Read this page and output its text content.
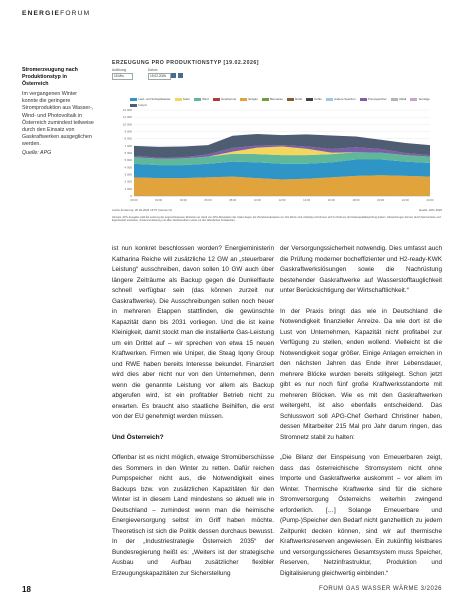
ENERGIEFORUM
Stromerzeugung nach Produktionstyp in Österreich
Im vergangenen Winter konnte die geringere Stromproduktion aus Wasser-, Wind- und Photovoltaik in Österreich zumindest teilweise durch den Einsatz von Gaskraftwerken ausgeglichen werden.
Quelle: APG
ERZEUGUNG PRO PRODUKTIONSTYP [19.02.2026]
Auflösung
15 Min.
Datum
19.02.2026
Lauf- und Schwellwasser	Solar	Wind	Geothermie	Erdgas	Biomasse	Erdöl	Kohle	Andere Speicher	Pumpspeicher	Abfall	SonstigeImport
0
1 000
2 000
3 000
4 000
5 000
6 000
7 000
8 000
9 000
10 000
11 000
12 000
00:00	02:00	04:00	06:00	08:00	10:00	12:00	14:00	16:00	18:00	20:00	22:00	24:00
Letzte Änderung: 20.02.2026 14:57 (Version 6)	Quelle: APG 2026
Hinweis: APG-Ausgabe stellt die Leistung der angeschlossenen Einheiten an Hand von APG-Messdaten dar. Daten liegen als Viertelstundenwerte vor. Die Werte sind vorläufig und können sich im Rahmen der Datenqualitätsprüfung ändern. Abweichungen können durch Netzverluste und Eigenbedarf entstehen. Zusammenfassung mit allen Netzbetreibern sowie mit den öffentlichen Kraftwerken.

ist nun konkret beschlossen worden? Energieministerin Katharina Reiche will zusätzliche 12 GW an „steuerbarer Leistung“ ausschreiben, davon sollen 10 GW auch über längere Zeiträume als Backup gegen die Dunkelflaute schnell verfügbar sein (das können zurzeit nur Gaskraftwerke). Die Ausschreibungen sollen noch heuer in mehreren Etappen stattfinden, die gewünschte Kapazität dann bis 2031 vorliegen. Und die ist keine Kleinigkeit, damit stockt man die installierte Gas-Leistung um ein Drittel auf – wir sprechen von etwa 15 neuen Kraftwerken. Firmen wie Uniper, die Steag Iqony Group und RWE haben bereits Interesse bekundet. Finanziert wird dies aber nicht nur von den Unternehmen, denn wenn die genannte Leistung vor allem als Backup abgerufen wird, ist ein profitabler Betrieb nicht zu erwarten. Es braucht also staatliche Beihilfen, die erst von der EU genehmigt werden müssen.

Und Österreich?

Offenbar ist es nicht möglich, etwaige Stromüberschüsse des Sommers in den Winter zu retten. Dafür reichen Pumpspeicher nicht aus, die Notwendigkeit eines Backups bzw. von zusätzlichen Kapazitäten für den Winter ist in diesem Land mindestens so aktuell wie in Deutschland – zumindest wenn man die heimische Energieversorgung selbst im Griff haben möchte. Theoretisch ist sich die Politik dessen durchaus bewusst. In der „Industriestrategie Österreich 2035“ der Bundesregierung heißt es: „Weiters ist der strategische Ausbau und Aufbau zusätzlicher flexibler Erzeugungskapazitäten zur Sicherstellung

der Versorgungssicherheit notwendig. Dies umfasst auch die Prüfung moderner bocheffizienter und H2-ready-KWK Gaskraftwerkslösungen sowie die Nachrüstung bestehender Gaskraftwerke auf Wasserstofftauglichkeit unter Berücksichtigung der Wirtschaftlichkeit.“

In der Praxis bringt das wie in Deutschland die Notwendigkeit finanzieller Anreize. Da wie dort ist die Lust von Unternehmen, Kapazität nicht profitabel zur Verfügung zu stellen, enden wollend. Vielleicht ist die Notwendigkeit sogar größer. Einige Anlagen erreichen in den nächsten Jahren das Ende ihrer Lebensdauer, mehrere Blöcke wurden bereits stillgelegt. Schon jetzt gibt es nur noch fünf große Kraftwerksstandorte mit mehreren Blöcken. Wie es mit den Gaskraftwerken weitergeht, ist also ebenfalls entscheidend. Das Schlusswort soll APG-Chef Gerhard Christiner haben, dessen Mitarbeiter 215 Mal pro Jahr darum ringen, das Stromnetz stabil zu halten:

„Die Bilanz der Einspeisung von Erneuerbaren zeigt, dass das österreichische Stromsystem nicht ohne Importe und Gaskraftwerke auskommt – vor allem im Winter. Thermische Kraftwerke sind für die sichere Stromversorgung Österreichs weiterhin zwingend erforderlich. […] Solange Erneuerbare und (Pump-)Speicher den Bedarf nicht ganzheitlich zu jedem Zeitpunkt decken können, sind wir auf thermische Kraftwerksreserven angewiesen. Ein zukünftig leistbares und versorgungssicheres Gesamtsystem muss Speicher, Reserven, Netzinfrastruktur, Produktion und Digitalisierung gleichwertig einbinden.“

18	FORUM GAS WASSER WÄRME 3/2026
